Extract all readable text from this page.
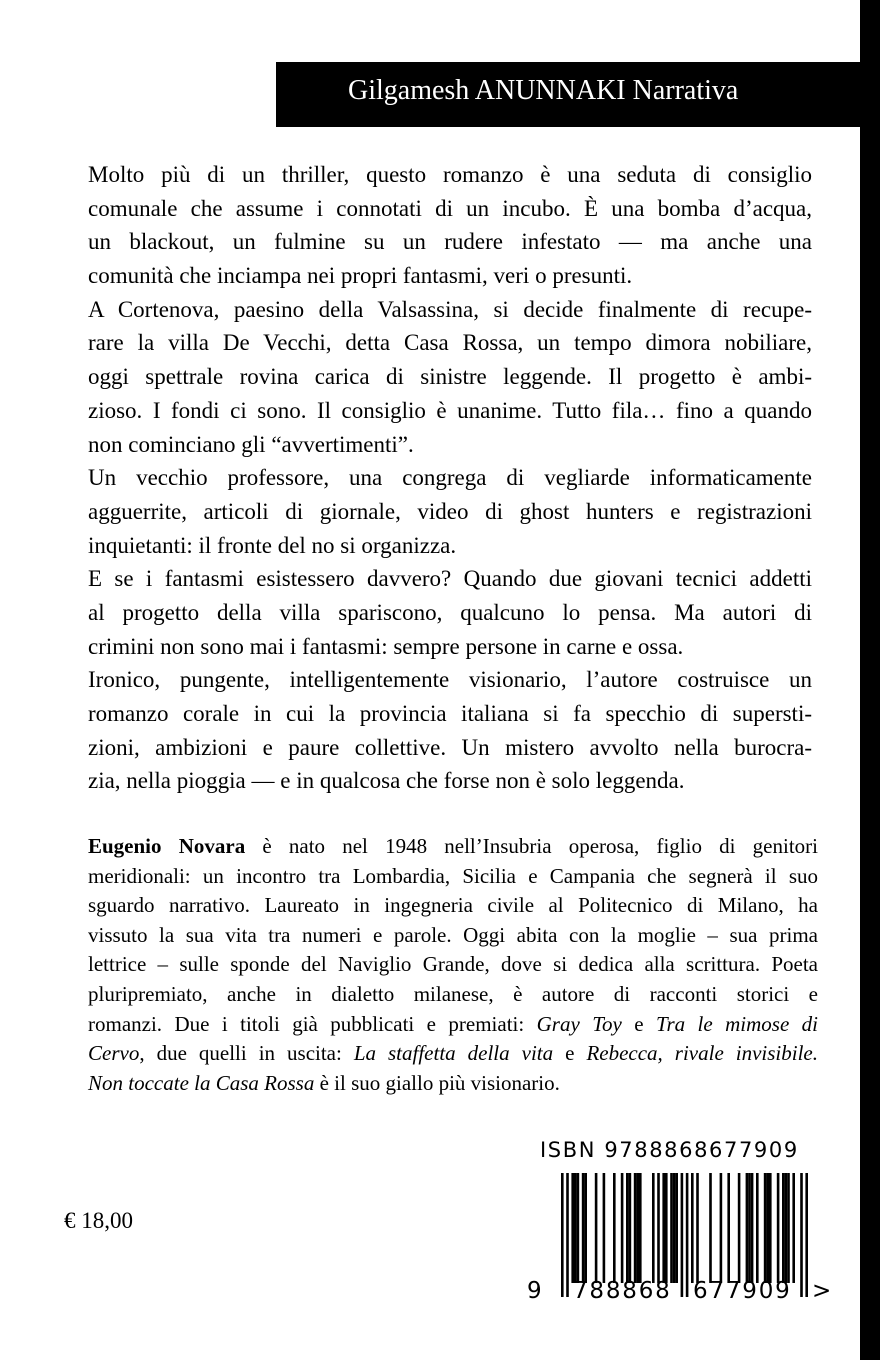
Gilgamesh ANUNNAKI Narrativa
Molto più di un thriller, questo romanzo è una seduta di consiglio
comunale che assume i connotati di un incubo. È una bomba d’acqua,
un blackout, un fulmine su un rudere infestato — ma anche una
comunità che inciampa nei propri fantasmi, veri o presunti.
A Cortenova, paesino della Valsassina, si decide finalmente di recupe-
rare la villa De Vecchi, detta Casa Rossa, un tempo dimora nobiliare,
oggi spettrale rovina carica di sinistre leggende. Il progetto è ambi-
zioso. I fondi ci sono. Il consiglio è unanime. Tutto fila… fino a quando
non cominciano gli “avvertimenti”.
Un vecchio professore, una congrega di vegliarde informaticamente
agguerrite, articoli di giornale, video di ghost hunters e registrazioni
inquietanti: il fronte del no si organizza.
E se i fantasmi esistessero davvero? Quando due giovani tecnici addetti
al progetto della villa spariscono, qualcuno lo pensa. Ma autori di
crimini non sono mai i fantasmi: sempre persone in carne e ossa.
Ironico, pungente, intelligentemente visionario, l’autore costruisce un
romanzo corale in cui la provincia italiana si fa specchio di supersti-
zioni, ambizioni e paure collettive. Un mistero avvolto nella burocra-
zia, nella pioggia — e in qualcosa che forse non è solo leggenda.
Eugenio Novara è nato nel 1948 nell’Insubria operosa, figlio di genitori
meridionali: un incontro tra Lombardia, Sicilia e Campania che segnerà il suo
sguardo narrativo. Laureato in ingegneria civile al Politecnico di Milano, ha
vissuto la sua vita tra numeri e parole. Oggi abita con la moglie – sua prima
lettrice – sulle sponde del Naviglio Grande, dove si dedica alla scrittura. Poeta
pluripremiato, anche in dialetto milanese, è autore di racconti storici e
romanzi. Due i titoli già pubblicati e premiati: Gray Toy e Tra le mimose di
Cervo, due quelli in uscita: La staffetta della vita e Rebecca, rivale invisibile.
Non toccate la Casa Rossa è il suo giallo più visionario.
€ 18,00
ISBN 9788868677909
9 788868 677909 >
